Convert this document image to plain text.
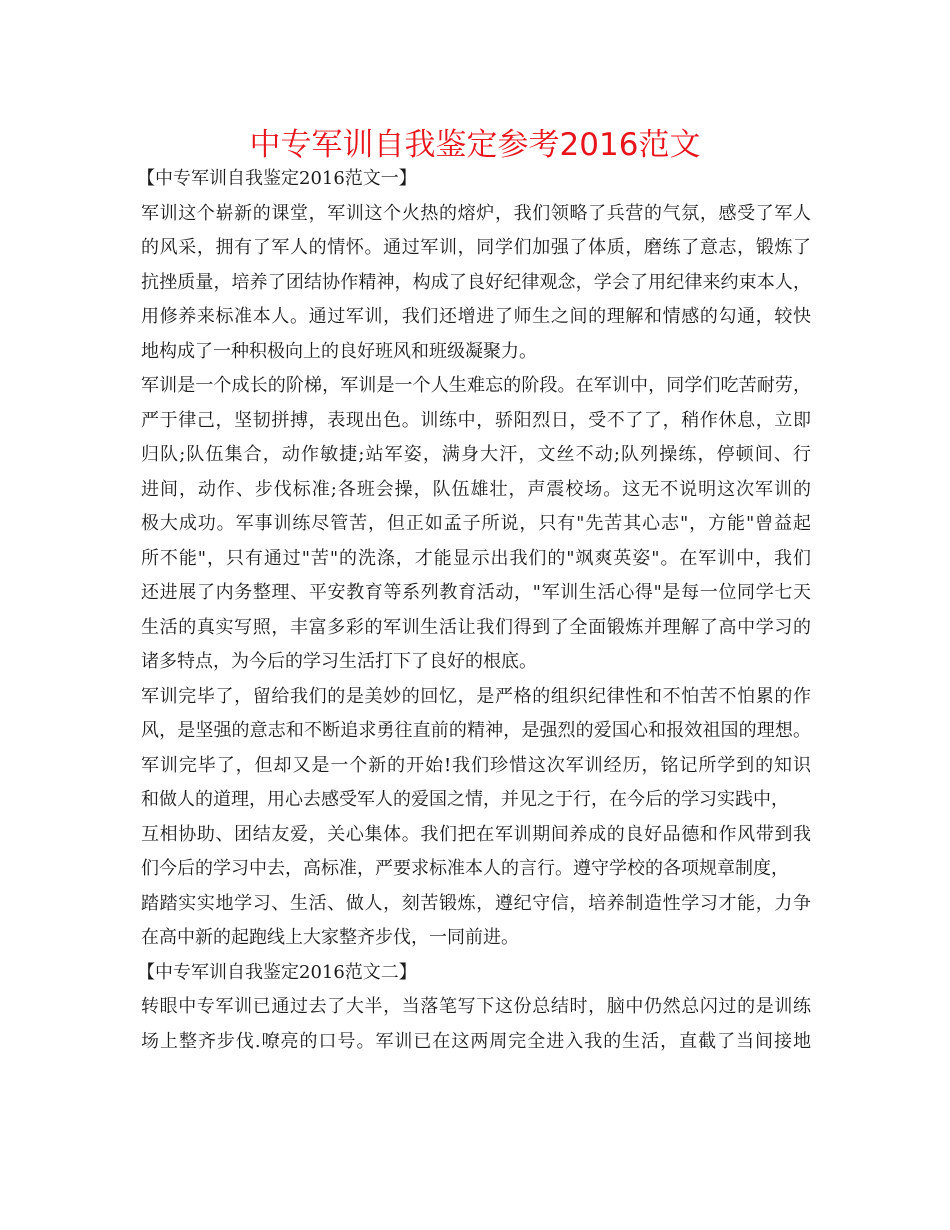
中专军训自我鉴定参考2016范文
【中专军训自我鉴定2016范文一】
军训这个崭新的课堂，军训这个火热的熔炉，我们领略了兵营的气氛，感受了军人
的风采，拥有了军人的情怀。通过军训，同学们加强了体质，磨练了意志，锻炼了
抗挫质量，培养了团结协作精神，构成了良好纪律观念，学会了用纪律来约束本人，
用修养来标准本人。通过军训，我们还增进了师生之间的理解和情感的勾通，较快
地构成了一种积极向上的良好班风和班级凝聚力。
军训是一个成长的阶梯，军训是一个人生难忘的阶段。在军训中，同学们吃苦耐劳，
严于律己，坚韧拼搏，表现出色。训练中，骄阳烈日，受不了了，稍作休息，立即
归队;队伍集合，动作敏捷;站军姿，满身大汗，文丝不动;队列操练，停顿间、行
进间，动作、步伐标准;各班会操，队伍雄壮，声震校场。这无不说明这次军训的
极大成功。军事训练尽管苦，但正如孟子所说，只有"先苦其心志"，方能"曾益起
所不能"，只有通过"苦"的洗涤，才能显示出我们的"飒爽英姿"。在军训中，我们
还进展了内务整理、平安教育等系列教育活动，"军训生活心得"是每一位同学七天
生活的真实写照，丰富多彩的军训生活让我们得到了全面锻炼并理解了高中学习的
诸多特点，为今后的学习生活打下了良好的根底。
军训完毕了，留给我们的是美妙的回忆，是严格的组织纪律性和不怕苦不怕累的作
风，是坚强的意志和不断追求勇往直前的精神，是强烈的爱国心和报效祖国的理想。
军训完毕了，但却又是一个新的开始!我们珍惜这次军训经历，铭记所学到的知识
和做人的道理，用心去感受军人的爱国之情，并见之于行，在今后的学习实践中，
互相协助、团结友爱，关心集体。我们把在军训期间养成的良好品德和作风带到我
们今后的学习中去，高标准，严要求标准本人的言行。遵守学校的各项规章制度，
踏踏实实地学习、生活、做人，刻苦锻炼，遵纪守信，培养制造性学习才能，力争
在高中新的起跑线上大家整齐步伐，一同前进。
【中专军训自我鉴定2016范文二】
转眼中专军训已通过去了大半，当落笔写下这份总结时，脑中仍然总闪过的是训练
场上整齐步伐.嘹亮的口号。军训已在这两周完全进入我的生活，直截了当间接地
